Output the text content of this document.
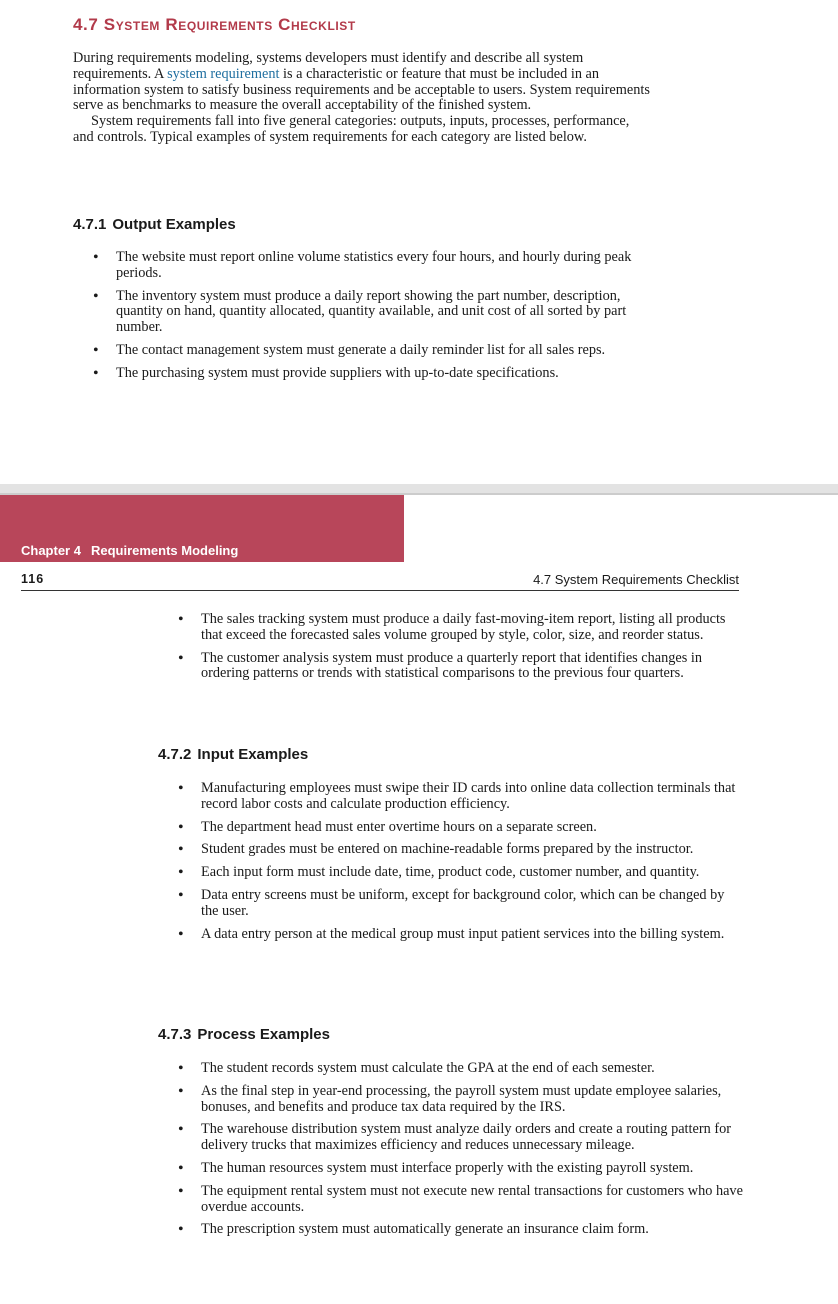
4.7 System Requirements Checklist

During requirements modeling, systems developers must identify and describe all system requirements. A system requirement is a characteristic or feature that must be included in an information system to satisfy business requirements and be acceptable to users. System requirements serve as benchmarks to measure the overall acceptability of the finished system.

System requirements fall into five general categories: outputs, inputs, processes, performance, and controls. Typical examples of system requirements for each category are listed below.

4.7.1 Output Examples
• The website must report online volume statistics every four hours, and hourly during peak periods.
• The inventory system must produce a daily report showing the part number, description, quantity on hand, quantity allocated, quantity available, and unit cost of all sorted by part number.
• The contact management system must generate a daily reminder list for all sales reps.
• The purchasing system must provide suppliers with up-to-date specifications.
Chapter 4 Requirements Modeling
116	4.7 System Requirements Checklist
• The sales tracking system must produce a daily fast-moving-item report, listing all products that exceed the forecasted sales volume grouped by style, color, size, and reorder status.
• The customer analysis system must produce a quarterly report that identifies changes in ordering patterns or trends with statistical comparisons to the previous four quarters.
4.7.2 Input Examples
• Manufacturing employees must swipe their ID cards into online data collection terminals that record labor costs and calculate production efficiency.
• The department head must enter overtime hours on a separate screen.
• Student grades must be entered on machine-readable forms prepared by the instructor.
• Each input form must include date, time, product code, customer number, and quantity.
• Data entry screens must be uniform, except for background color, which can be changed by the user.
• A data entry person at the medical group must input patient services into the billing system.
4.7.3 Process Examples
• The student records system must calculate the GPA at the end of each semester.
• As the final step in year-end processing, the payroll system must update employee salaries, bonuses, and benefits and produce tax data required by the IRS.
• The warehouse distribution system must analyze daily orders and create a routing pattern for delivery trucks that maximizes efficiency and reduces unnecessary mileage.
• The human resources system must interface properly with the existing payroll system.
• The equipment rental system must not execute new rental transactions for customers who have overdue accounts.
• The prescription system must automatically generate an insurance claim form.
